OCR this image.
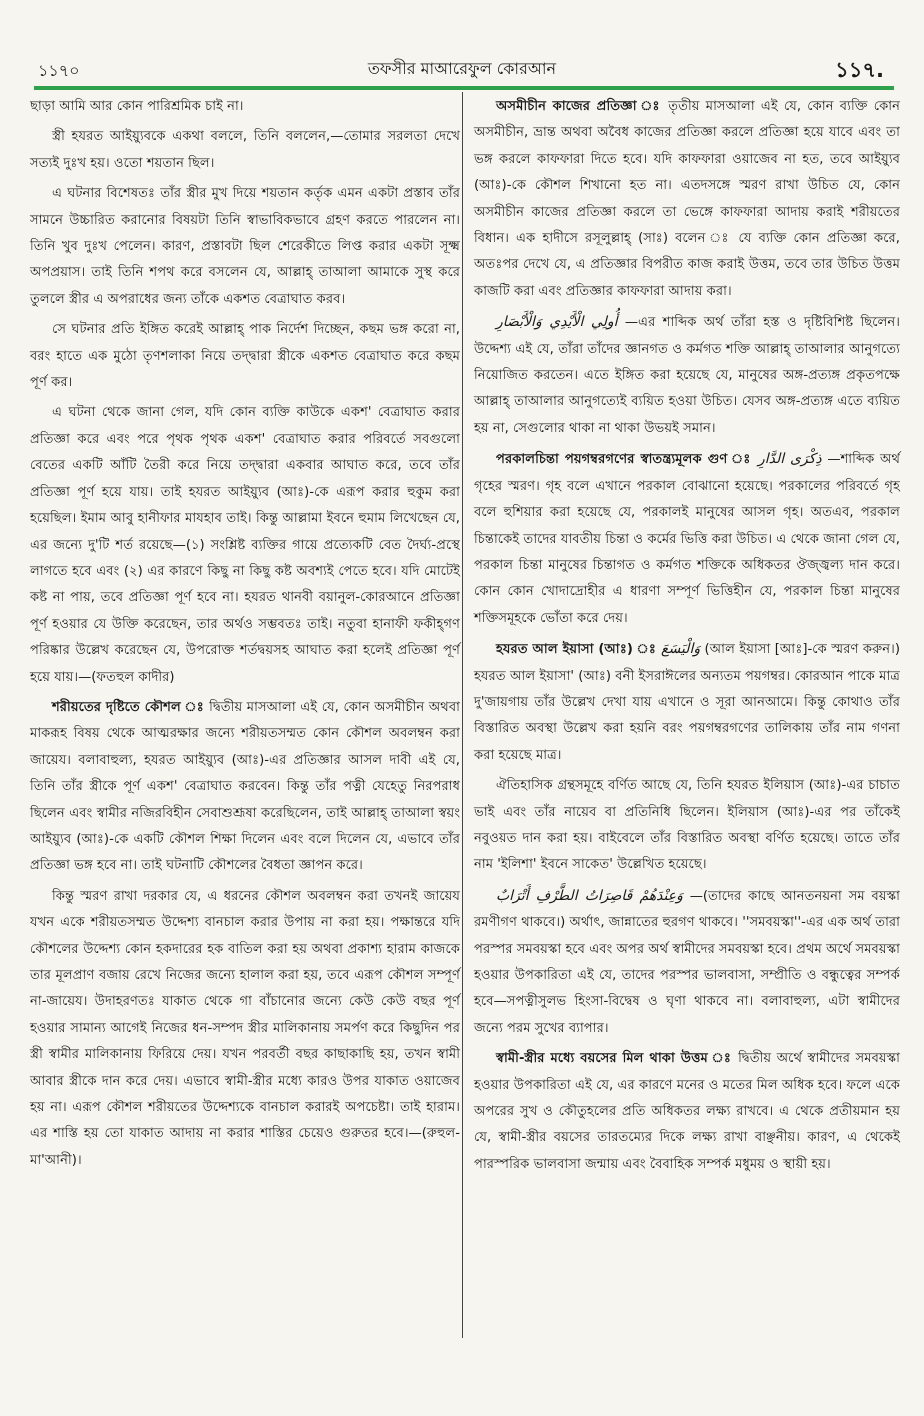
১১৭০	তফসীর মাআরেফুল কোরআন	১১৭.

ছাড়া আমি আর কোন পারিশ্রমিক চাই না।

স্ত্রী হযরত আইয়্যুবকে একথা বললে, তিনি বললেন,—তোমার সরলতা দেখে সত্যই দুঃখ হয়। ওতো শয়তান ছিল।

এ ঘটনার বিশেষতঃ তাঁর স্ত্রীর মুখ দিয়ে শয়তান কর্তৃক এমন একটা প্রস্তাব তাঁর সামনে উচ্চারিত করানোর বিষয়টা তিনি স্বাভাবিকভাবে গ্রহণ করতে পারলেন না। তিনি খুব দুঃখ পেলেন। কারণ, প্রস্তাবটা ছিল শেরেকীতে লিপ্ত করার একটা সূক্ষ্ম অপপ্রয়াস। তাই তিনি শপথ করে বসলেন যে, আল্লাহ্‌ তাআলা আমাকে সুস্থ করে তুললে স্ত্রীর এ অপরাধের জন্য তাঁকে একশত বেত্রাঘাত করব।

সে ঘটনার প্রতি ইঙ্গিত করেই আল্লাহ্‌ পাক নির্দেশ দিচ্ছেন, কছম ভঙ্গ করো না, বরং হাতে এক মুঠো তৃণশলাকা নিয়ে তদ্দ্বারা স্ত্রীকে একশত বেত্রাঘাত করে কছম পূর্ণ কর।

এ ঘটনা থেকে জানা গেল, যদি কোন ব্যক্তি কাউকে একশ' বেত্রাঘাত করার প্রতিজ্ঞা করে এবং পরে পৃথক পৃথক একশ' বেত্রাঘাত করার পরিবর্তে সবগুলো বেতের একটি আঁটি তৈরী করে নিয়ে তদ্দ্বারা একবার আঘাত করে, তবে তাঁর প্রতিজ্ঞা পূর্ণ হয়ে যায়। তাই হযরত আইয়্যুব (আঃ)-কে এরূপ করার হুকুম করা হয়েছিল। ইমাম আবু হানীফার মাযহাব তাই। কিন্তু আল্লামা ইবনে হুমাম লিখেছেন যে, এর জন্যে দু'টি শর্ত রয়েছে—(১) সংশ্লিষ্ট ব্যক্তির গায়ে প্রত্যেকটি বেত দৈর্ঘ্য-প্রস্থে লাগতে হবে এবং (২) এর কারণে কিছু না কিছু কষ্ট অবশ্যই পেতে হবে। যদি মোটেই কষ্ট না পায়, তবে প্রতিজ্ঞা পূর্ণ হবে না। হযরত থানবী বয়ানুল-কোরআনে প্রতিজ্ঞা পূর্ণ হওয়ার যে উক্তি করেছেন, তার অর্থও সম্ভবতঃ তাই। নতুবা হানাফী ফকীহ্‌গণ পরিষ্কার উল্লেখ করেছেন যে, উপরোক্ত শর্তদ্বয়সহ আঘাত করা হলেই প্রতিজ্ঞা পূর্ণ হয়ে যায়।—(ফতহুল কাদীর)

শরীয়তের দৃষ্টিতে কৌশল ঃ দ্বিতীয় মাসআলা এই যে, কোন অসমীচীন অথবা মাকরূহ বিষয় থেকে আত্মরক্ষার জন্যে শরীয়তসম্মত কোন কৌশল অবলম্বন করা জায়েয। বলাবাহুল্য, হযরত আইয়্যুব (আঃ)-এর প্রতিজ্ঞার আসল দাবী এই যে, তিনি তাঁর স্ত্রীকে পূর্ণ একশ' বেত্রাঘাত করবেন। কিন্তু তাঁর পত্নী যেহেতু নিরপরাধ ছিলেন এবং স্বামীর নজিরবিহীন সেবাশুশ্রূষা করেছিলেন, তাই আল্লাহ্‌ তাআলা স্বয়ং আইয়্যুব (আঃ)-কে একটি কৌশল শিক্ষা দিলেন এবং বলে দিলেন যে, এভাবে তাঁর প্রতিজ্ঞা ভঙ্গ হবে না। তাই ঘটনাটি কৌশলের বৈধতা জ্ঞাপন করে।

কিন্তু স্মরণ রাখা দরকার যে, এ ধরনের কৌশল অবলম্বন করা তখনই জায়েয যখন একে শরীয়তসম্মত উদ্দেশ্য বানচাল করার উপায় না করা হয়। পক্ষান্তরে যদি কৌশলের উদ্দেশ্য কোন হকদারের হক বাতিল করা হয় অথবা প্রকাশ্য হারাম কাজকে তার মূলপ্রাণ বজায় রেখে নিজের জন্যে হালাল করা হয়, তবে এরূপ কৌশল সম্পূর্ণ না-জায়েয। উদাহরণতঃ যাকাত থেকে গা বাঁচানোর জন্যে কেউ কেউ বছর পূর্ণ হওয়ার সামান্য আগেই নিজের ধন-সম্পদ স্ত্রীর মালিকানায় সমর্পণ করে কিছুদিন পর স্ত্রী স্বামীর মালিকানায় ফিরিয়ে দেয়। যখন পরবর্তী বছর কাছাকাছি হয়, তখন স্বামী আবার স্ত্রীকে দান করে দেয়। এভাবে স্বামী-স্ত্রীর মধ্যে কারও উপর যাকাত ওয়াজেব হয় না। এরূপ কৌশল শরীয়তের উদ্দেশ্যকে বানচাল করারই অপচেষ্টা। তাই হারাম। এর শাস্তি হয় তো যাকাত আদায় না করার শাস্তির চেয়েও গুরুতর হবে।—(রুহুল-মা'আনী)।

অসমীচীন কাজের প্রতিজ্ঞা ঃ তৃতীয় মাসআলা এই যে, কোন ব্যক্তি কোন অসমীচীন, ভ্রান্ত অথবা অবৈধ কাজের প্রতিজ্ঞা করলে প্রতিজ্ঞা হয়ে যাবে এবং তা ভঙ্গ করলে কাফফারা দিতে হবে। যদি কাফফারা ওয়াজেব না হত, তবে আইয়্যুব (আঃ)-কে কৌশল শিখানো হত না। এতদসঙ্গে স্মরণ রাখা উচিত যে, কোন অসমীচীন কাজের প্রতিজ্ঞা করলে তা ভেঙ্গে কাফফারা আদায় করাই শরীয়তের বিধান। এক হাদীসে রসূলুল্লাহ্‌ (সাঃ) বলেন ঃ যে ব্যক্তি কোন প্রতিজ্ঞা করে, অতঃপর দেখে যে, এ প্রতিজ্ঞার বিপরীত কাজ করাই উত্তম, তবে তার উচিত উত্তম কাজটি করা এবং প্রতিজ্ঞার কাফফারা আদায় করা।

أُولِي الْأَيْدِي وَالْأَبْصَارِ —এর শাব্দিক অর্থ তাঁরা হস্ত ও দৃষ্টিবিশিষ্ট ছিলেন। উদ্দেশ্য এই যে, তাঁরা তাঁদের জ্ঞানগত ও কর্মগত শক্তি আল্লাহ্‌ তাআলার আনুগত্যে নিয়োজিত করতেন। এতে ইঙ্গিত করা হয়েছে যে, মানুষের অঙ্গ-প্রত্যঙ্গ প্রকৃতপক্ষে আল্লাহ্‌ তাআলার আনুগত্যেই ব্যয়িত হওয়া উচিত। যেসব অঙ্গ-প্রত্যঙ্গ এতে ব্যয়িত হয় না, সেগুলোর থাকা না থাকা উভয়ই সমান।

পরকালচিন্তা পয়গম্বরগণের স্বাতন্ত্র্যমূলক গুণ ঃ ذِكْرَى الدَّارِ —শাব্দিক অর্থ গৃহের স্মরণ। গৃহ বলে এখানে পরকাল বোঝানো হয়েছে। পরকালের পরিবর্তে গৃহ বলে হুশিয়ার করা হয়েছে যে, পরকালই মানুষের আসল গৃহ। অতএব, পরকাল চিন্তাকেই তাদের যাবতীয় চিন্তা ও কর্মের ভিত্তি করা উচিত। এ থেকে জানা গেল যে, পরকাল চিন্তা মানুষের চিন্তাগত ও কর্মগত শক্তিকে অধিকতর ঔজ্জ্বল্য দান করে। কোন কোন খোদাদ্রোহীর এ ধারণা সম্পূর্ণ ভিত্তিহীন যে, পরকাল চিন্তা মানুষের শক্তিসমূহকে ভোঁতা করে দেয়।

হযরত আল ইয়াসা (আঃ) ঃ وَالْيَسَعَ (আল ইয়াসা [আঃ]-কে স্মরণ করুন।) হযরত আল ইয়াসা' (আঃ) বনী ইসরাঈলের অন্যতম পয়গম্বর। কোরআন পাকে মাত্র দু'জায়গায় তাঁর উল্লেখ দেখা যায় এখানে ও সূরা আনআমে। কিন্তু কোথাও তাঁর বিস্তারিত অবস্থা উল্লেখ করা হয়নি বরং পয়গম্বরগণের তালিকায় তাঁর নাম গণনা করা হয়েছে মাত্র।

ঐতিহাসিক গ্রন্থসমূহে বর্ণিত আছে যে, তিনি হযরত ইলিয়াস (আঃ)-এর চাচাত ভাই এবং তাঁর নায়েব বা প্রতিনিধি ছিলেন। ইলিয়াস (আঃ)-এর পর তাঁকেই নবুওয়ত দান করা হয়। বাইবেলে তাঁর বিস্তারিত অবস্থা বর্ণিত হয়েছে। তাতে তাঁর নাম 'ইলিশা' ইবনে সাকেত' উল্লেখিত হয়েছে।

وَعِنْدَهُمْ قَاصِرَاتُ الطَّرْفِ أَتْرَابٌ —(তাদের কাছে আনতনয়না সম বয়স্কা রমণীগণ থাকবে।) অর্থাৎ, জান্নাতের হুরগণ থাকবে। ''সমবয়স্কা''-এর এক অর্থ তারা পরস্পর সমবয়স্কা হবে এবং অপর অর্থ স্বামীদের সমবয়স্কা হবে। প্রথম অর্থে সমবয়স্কা হওয়ার উপকারিতা এই যে, তাদের পরস্পর ভালবাসা, সম্প্রীতি ও বন্ধুত্বের সম্পর্ক হবে—সপত্নীসুলভ হিংসা-বিদ্বেষ ও ঘৃণা থাকবে না। বলাবাহুল্য, এটা স্বামীদের জন্যে পরম সুখের ব্যাপার।

স্বামী-স্ত্রীর মধ্যে বয়সের মিল থাকা উত্তম ঃ দ্বিতীয় অর্থে স্বামীদের সমবয়স্কা হওয়ার উপকারিতা এই যে, এর কারণে মনের ও মতের মিল অধিক হবে। ফলে একে অপরের সুখ ও কৌতুহলের প্রতি অধিকতর লক্ষ্য রাখবে। এ থেকে প্রতীয়মান হয় যে, স্বামী-স্ত্রীর বয়সের তারতম্যের দিকে লক্ষ্য রাখা বাঞ্ছনীয়। কারণ, এ থেকেই পারস্পরিক ভালবাসা জন্মায় এবং বৈবাহিক সম্পর্ক মধুময় ও স্থায়ী হয়।
